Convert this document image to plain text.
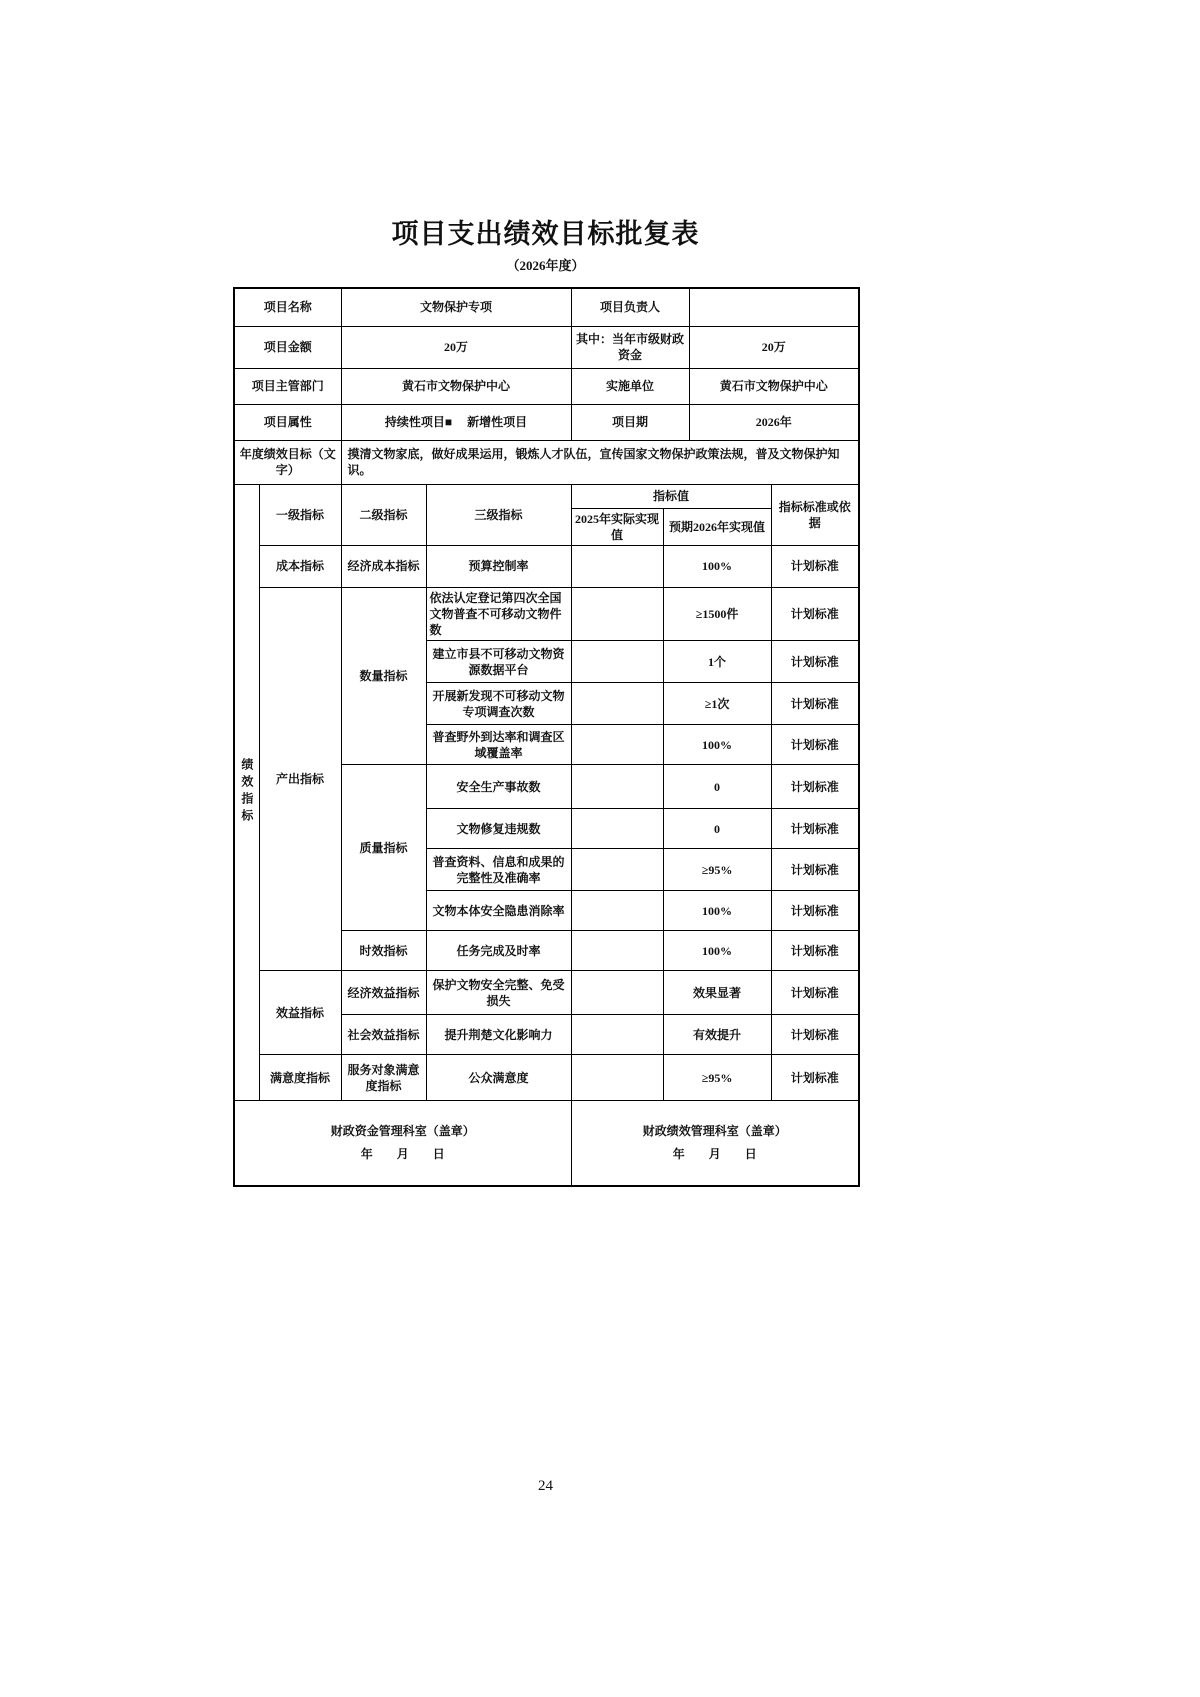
项目支出绩效目标批复表
（2026年度）
项目名称		文物保护专项		项目负责人			
项目金额		20万		其中：当年市级财政资金		20万	
项目主管部门		黄石市文物保护中心		实施单位		黄石市文物保护中心	
项目属性		持续性项目■　 新增性项目		项目期		2026年	
年度绩效目标（文字）		摸清文物家底，做好成果运用，锻炼人才队伍，宣传国家文物保护政策法规，普及文物保护知识。					
绩效指标	一级指标	二级指标	三级指标	指标值			指标标准或依据
				2025年实际实现值	预期2026年实现值		
	成本指标	经济成本指标	预算控制率		100%		计划标准
	产出指标	数量指标	依法认定登记第四次全国文物普查不可移动文物件数		≥1500件		计划标准
			建立市县不可移动文物资源数据平台		1个		计划标准
			开展新发现不可移动文物专项调查次数		≥1次		计划标准
			普查野外到达率和调查区域覆盖率		100%		计划标准
		质量指标	安全生产事故数		0		计划标准
			文物修复违规数		0		计划标准
			普查资料、信息和成果的完整性及准确率		≥95%		计划标准
			文物本体安全隐患消除率		100%		计划标准
		时效指标	任务完成及时率		100%		计划标准
	效益指标	经济效益指标	保护文物安全完整、免受损失		效果显著		计划标准
		社会效益指标	提升荆楚文化影响力		有效提升		计划标准
	满意度指标	服务对象满意度指标	公众满意度		≥95%		计划标准

财政资金管理科室（盖章）
年　　月　　日

财政绩效管理科室（盖章）
年　　月　　日
24
